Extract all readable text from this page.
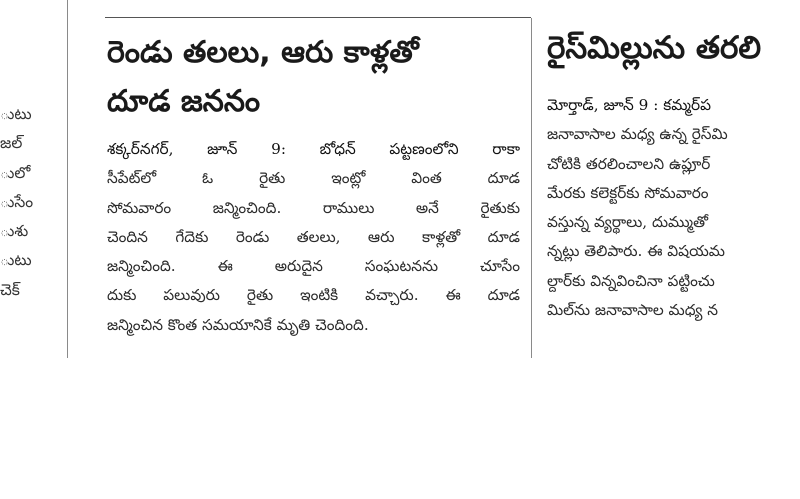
ుటు
జల్
ులో
ుసేం
ుశు
ుటు
చెక్
రెండు తలలు, ఆరు కాళ్లతో
దూడ జననం
శక్కర్‌నగర్, జూన్ 9: బోధన్ పట్టణంలోని రాకా
సీపేట్‌లో ఓ రైతు ఇంట్లో వింత దూడ
సోమవారం జన్మించింది. రాములు అనే రైతుకు
చెందిన గేదెకు రెండు తలలు, ఆరు కాళ్లతో దూడ
జన్మించింది. ఈ అరుదైన సంఘటనను చూసేం
దుకు పలువురు రైతు ఇంటికి వచ్చారు. ఈ దూడ
జన్మించిన కొంత సమయానికే మృతి చెందింది.
రైస్‌మిల్లును తరలి
మోర్తాడ్, జూన్ 9 : కమ్మర్‌ప
జనావాసాల మధ్య ఉన్న రైస్‌మి
చోటికి తరలించాలని ఉప్లూర్
మేరకు కలెక్టర్‌కు సోమవారం
వస్తున్న వ్యర్థాలు, దుమ్ముతో
న్నట్లు తెలిపారు. ఈ విషయమ
ల్దార్‌కు విన్నవించినా పట్టించు
మిల్‌ను జనావాసాల మధ్య న
